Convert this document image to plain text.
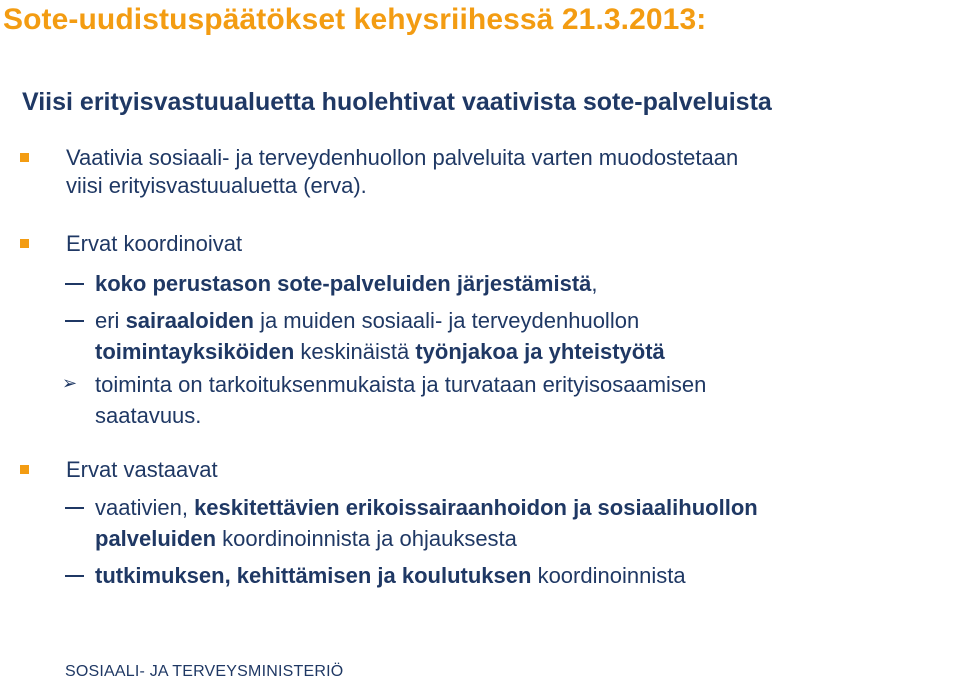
Sote-uudistuspäätökset kehysriihessä 21.3.2013:
Viisi erityisvastuualuetta huolehtivat vaativista sote-palveluista
Vaativia sosiaali- ja terveydenhuollon palveluita varten muodostetaan
viisi erityisvastuualuetta (erva).
Ervat koordinoivat
koko perustason sote-palveluiden järjestämistä,
eri sairaaloiden ja muiden sosiaali- ja terveydenhuollon
toimintayksiköiden keskinäistä työnjakoa ja yhteistyötä
➢ toiminta on tarkoituksenmukaista ja turvataan erityisosaamisen
saatavuus.
Ervat vastaavat
vaativien, keskitettävien erikoissairaanhoidon ja sosiaalihuollon
palveluiden koordinoinnista ja ohjauksesta
tutkimuksen, kehittämisen ja koulutuksen koordinoinnista
SOSIAALI- JA TERVEYSMINISTERIÖ
